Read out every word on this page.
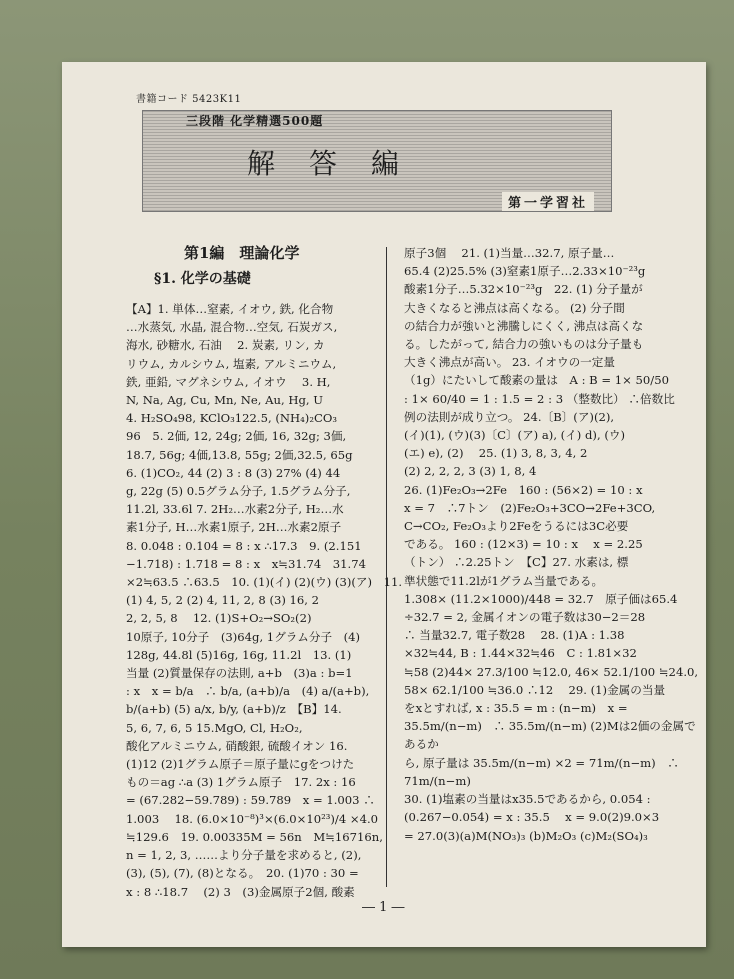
書籍コード 5423K11
三段階 化学精選500題
解答編
第一学習社
第1編　理論化学
§1. 化学の基礎
【A】1. 単体…窒素, イオウ, 鉄, 化合物
…水蒸気, 水晶, 混合物…空気, 石炭ガス,
海水, 砂糖水, 石油　 2. 炭素, リン, カ
リウム, カルシウム, 塩素, アルミニウム,
鉄, 亜鉛, マグネシウム, イオウ　 3. H,
N, Na, Ag, Cu, Mn, Ne, Au, Hg, U
4. H₂SO₄98, KClO₃122.5, (NH₄)₂CO₃
96　5. 2価, 12, 24g; 2価, 16, 32g; 3価,
18.7, 56g; 4価,13.8, 55g; 2価,32.5, 65g
6. (1)CO₂, 44 (2) 3 : 8 (3) 27% (4) 44
g, 22g (5) 0.5グラム分子, 1.5グラム分子,
11.2l, 33.6l 7. 2H₂…水素2分子, H₂…水
素1分子, H…水素1原子, 2H…水素2原子
8. 0.048 : 0.104 = 8 : x ∴17.3　9. (2.151
−1.718) : 1.718 = 8 : x　x≒31.74　31.74
×2≒63.5 ∴63.5　10. (1)(イ) (2)(ウ) (3)(ア)　11.
(1) 4, 5, 2 (2) 4, 11, 2, 8 (3) 16, 2
2, 2, 5, 8　 12. (1)S+O₂→SO₂(2)
10原子, 10分子　(3)64g, 1グラム分子　(4)
128g, 44.8l (5)16g, 16g, 11.2l　13. (1)
当量 (2)質量保存の法則, a+b　(3)a : b=1
: x　x = b/a　∴ b/a, (a+b)/a　(4) a/(a+b),
b/(a+b) (5) a/x, b/y, (a+b)/z　【B】14.
5, 6, 7, 6, 5 15.MgO, Cl, H₂O₂,
酸化アルミニウム, 硝酸銀, 硫酸イオン 16.
(1)12 (2)1グラム原子＝原子量にgをつけた
もの＝ag ∴a (3) 1グラム原子　17. 2x : 16
= (67.282−59.789) : 59.789　x = 1.003 ∴
1.003　 18. (6.0×10⁻⁸)³×(6.0×10²³)/4 ×4.0
≒129.6　19. 0.00335M = 56n　M≒16716n,
n = 1, 2, 3, ……より分子量を求めると, (2),
(3), (5), (7), (8)となる。　20. (1)70 : 30 =
x : 8 ∴18.7　 (2) 3　(3)金属原子2個, 酸素
原子3個　 21. (1)当量…32.7, 原子量…
65.4 (2)25.5% (3)窒素1原子…2.33×10⁻²³g
酸素1分子…5.32×10⁻²³g　22. (1) 分子量が
大きくなると沸点は高くなる。 (2) 分子間
の結合力が強いと沸騰しにくく, 沸点は高くな
る。したがって, 結合力の強いものは分子量も
大きく沸点が高い。 23. イオウの一定量
（1g）にたいして酸素の量は　A : B = 1× 50/50
: 1× 60/40 = 1 : 1.5 = 2 : 3 （整数比） ∴倍数比
例の法則が成り立つ。 24.〔B〕(ア)(2),
(イ)(1), (ウ)(3)〔C〕(ア) a), (イ) d), (ウ)
(エ) e), (2)　 25. (1) 3, 8, 3, 4, 2
(2) 2, 2, 2, 3 (3) 1, 8, 4
26. (1)Fe₂O₃→2Fe　160 : (56×2) = 10 : x
x = 7　∴7トン　(2)Fe₂O₃+3CO→2Fe+3CO,
C→CO₂, Fe₂O₃より2Feをうるには3C必要
である。 160 : (12×3) = 10 : x　 x = 2.25
（トン） ∴2.25トン　【C】27. 水素は, 標
準状態で11.2lが1グラム当量である。
1.308× (11.2×1000)/448 = 32.7　原子価は65.4
÷32.7 = 2, 金属イオンの電子数は30−2＝28
∴ 当量32.7, 電子数28　 28. (1)A : 1.38
×32≒44, B : 1.44×32≒46　C : 1.81×32
≒58 (2)44× 27.3/100 ≒12.0, 46× 52.1/100 ≒24.0,
58× 62.1/100 ≒36.0 ∴12　 29. (1)金属の当量
をxとすれば, x : 35.5 = m : (n−m)　x =
35.5m/(n−m)　∴ 35.5m/(n−m) (2)Mは2価の金属であるか
ら, 原子量は 35.5m/(n−m) ×2 = 71m/(n−m)　∴ 71m/(n−m)
30. (1)塩素の当量はx35.5であるから, 0.054 :
(0.267−0.054) = x : 35.5　 x = 9.0(2)9.0×3
= 27.0(3)(a)M(NO₃)₃ (b)M₂O₃ (c)M₂(SO₄)₃
― 1 ―
